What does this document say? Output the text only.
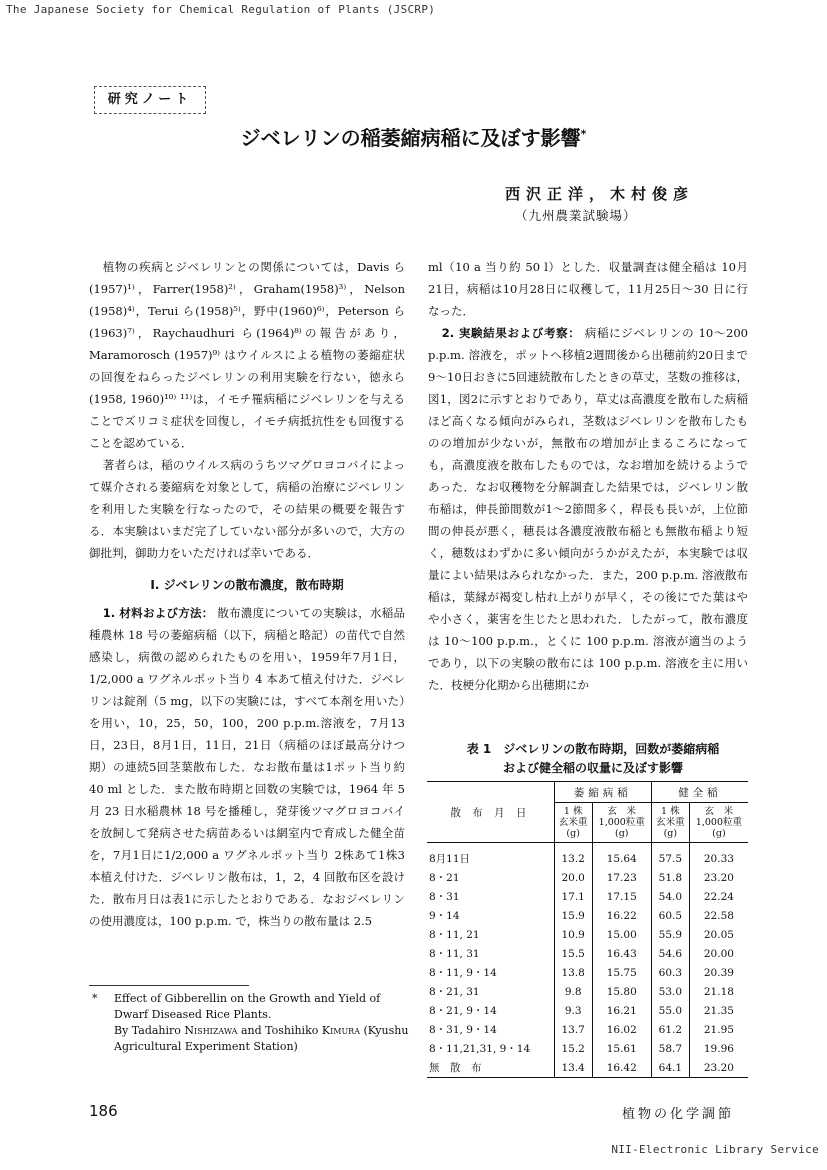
The Japanese Society for Chemical Regulation of Plants (JSCRP)
研究ノート
ジベレリンの稲萎縮病稲に及ぼす影響*
西沢正洋，木村俊彦
（九州農業試験場）

植物の疾病とジベレリンとの関係については，Davis ら(1957)¹⁾，Farrer(1958)²⁾，Graham(1958)³⁾，Nelson (1958)⁴⁾，Terui ら(1958)⁵⁾，野中(1960)⁶⁾，Peterson ら(1963)⁷⁾，Raychaudhuri ら(1964)⁸⁾の報告があり，Maramorosch (1957)⁹⁾ はウイルスによる植物の萎縮症状の回復をねらったジベレリンの利用実験を行ない，徳永ら(1958, 1960)¹⁰⁾ ¹¹⁾は，イモチ罹病稲にジベレリンを与えることでズリコミ症状を回復し，イモチ病抵抗性をも回復することを認めている．

著者らは，稲のウイルス病のうちツマグロヨコバイによって媒介される萎縮病を対象として，病稲の治療にジベレリンを利用した実験を行なったので，その結果の概要を報告する．本実験はいまだ完了していない部分が多いので，大方の御批判，御助力をいただければ幸いである．

I. ジベレリンの散布濃度，散布時期

1. 材料および方法： 散布濃度についての実験は，水稲品種農林 18 号の萎縮病稲（以下，病稲と略記）の苗代で自然感染し，病徴の認められたものを用い，1959年7月1日，1/2,000 a ワグネルポット当り 4 本あて植え付けた．ジベレリンは錠剤（5 mg，以下の実験には，すべて本剤を用いた）を用い，10，25，50，100，200 p.p.m.溶液を，7月13日，23日，8月1日，11日，21日（病稲のほぼ最高分けつ期）の連続5回茎葉散布した．なお散布量は1ポット当り約 40 ml とした．また散布時期と回数の実験では，1964 年 5 月 23 日水稲農林 18 号を播種し，発芽後ツマグロヨコバイを放飼して発病させた病苗あるいは網室内で育成した健全苗を，7月1日に1/2,000 a ワグネルポット当り 2株あて1株3本植え付けた．ジベレリン散布は，1，2，4 回散布区を設けた．散布月日は表1に示したとおりである．なおジベレリンの使用濃度は，100 p.p.m. で，株当りの散布量は 2.5

* Effect of Gibberellin on the Growth and Yield of Dwarf Diseased Rice Plants.
By Tadahiro Nishizawa and Toshihiko Kimura (Kyushu Agricultural Experiment Station)

ml（10 a 当り約 50 l）とした．収量調査は健全稲は 10月21日，病稲は10月28日に収穫して，11月25日～30 日に行なった．

2. 実験結果および考察： 病稲にジベレリンの 10～200 p.p.m. 溶液を，ポットへ移植2週間後から出穂前約20日まで 9～10日おきに5回連続散布したときの草丈，茎数の推移は，図1，図2に示すとおりであり，草丈は高濃度を散布した病稲ほど高くなる傾向がみられ，茎数はジベレリンを散布したものの増加が少ないが，無散布の増加が止まるころになっても，高濃度液を散布したものでは，なお増加を続けるようであった．なお収穫物を分解調査した結果では，ジベレリン散布稲は，伸長節間数が1～2節間多く，稈長も長いが，上位節間の伸長が悪く，穂長は各濃度液散布稲とも無散布稲より短く，穂数はわずかに多い傾向がうかがえたが，本実験では収量によい結果はみられなかった．また，200 p.p.m. 溶液散布稲は，葉縁が褐変し枯れ上がりが早く，その後にでた葉はやや小さく，薬害を生じたと思われた．したがって，散布濃度は 10～100 p.p.m.，とくに 100 p.p.m. 溶液が適当のようであり，以下の実験の散布には 100 p.p.m. 溶液を主に用いた．枝梗分化期から出穂期にか

表 1　ジベレリンの散布時期，回数が萎縮病稲
および健全稲の収量に及ぼす影響
散 布 月 日	萎縮病稲		健全稲	
	1 株
玄米重
(g)	玄　米
1,000粒重
(g)	1 株
玄米重
(g)	玄　米
1,000粒重
(g)
8月11日	13.2	15.64	57.5	20.33
8・21	20.0	17.23	51.8	23.20
8・31	17.1	17.15	54.0	22.24
9・14	15.9	16.22	60.5	22.58
8・11, 21	10.9	15.00	55.9	20.05
8・11, 31	15.5	16.43	54.6	20.00
8・11, 9・14	13.8	15.75	60.3	20.39
8・21, 31	9.8	15.80	53.0	21.18
8・21, 9・14	9.3	16.21	55.0	21.35
8・31, 9・14	13.7	16.02	61.2	21.95
8・11,21,31, 9・14	15.2	15.61	58.7	19.96
無　散　布	13.4	16.42	64.1	23.20
186	植物の化学調節
NII-Electronic Library Service
